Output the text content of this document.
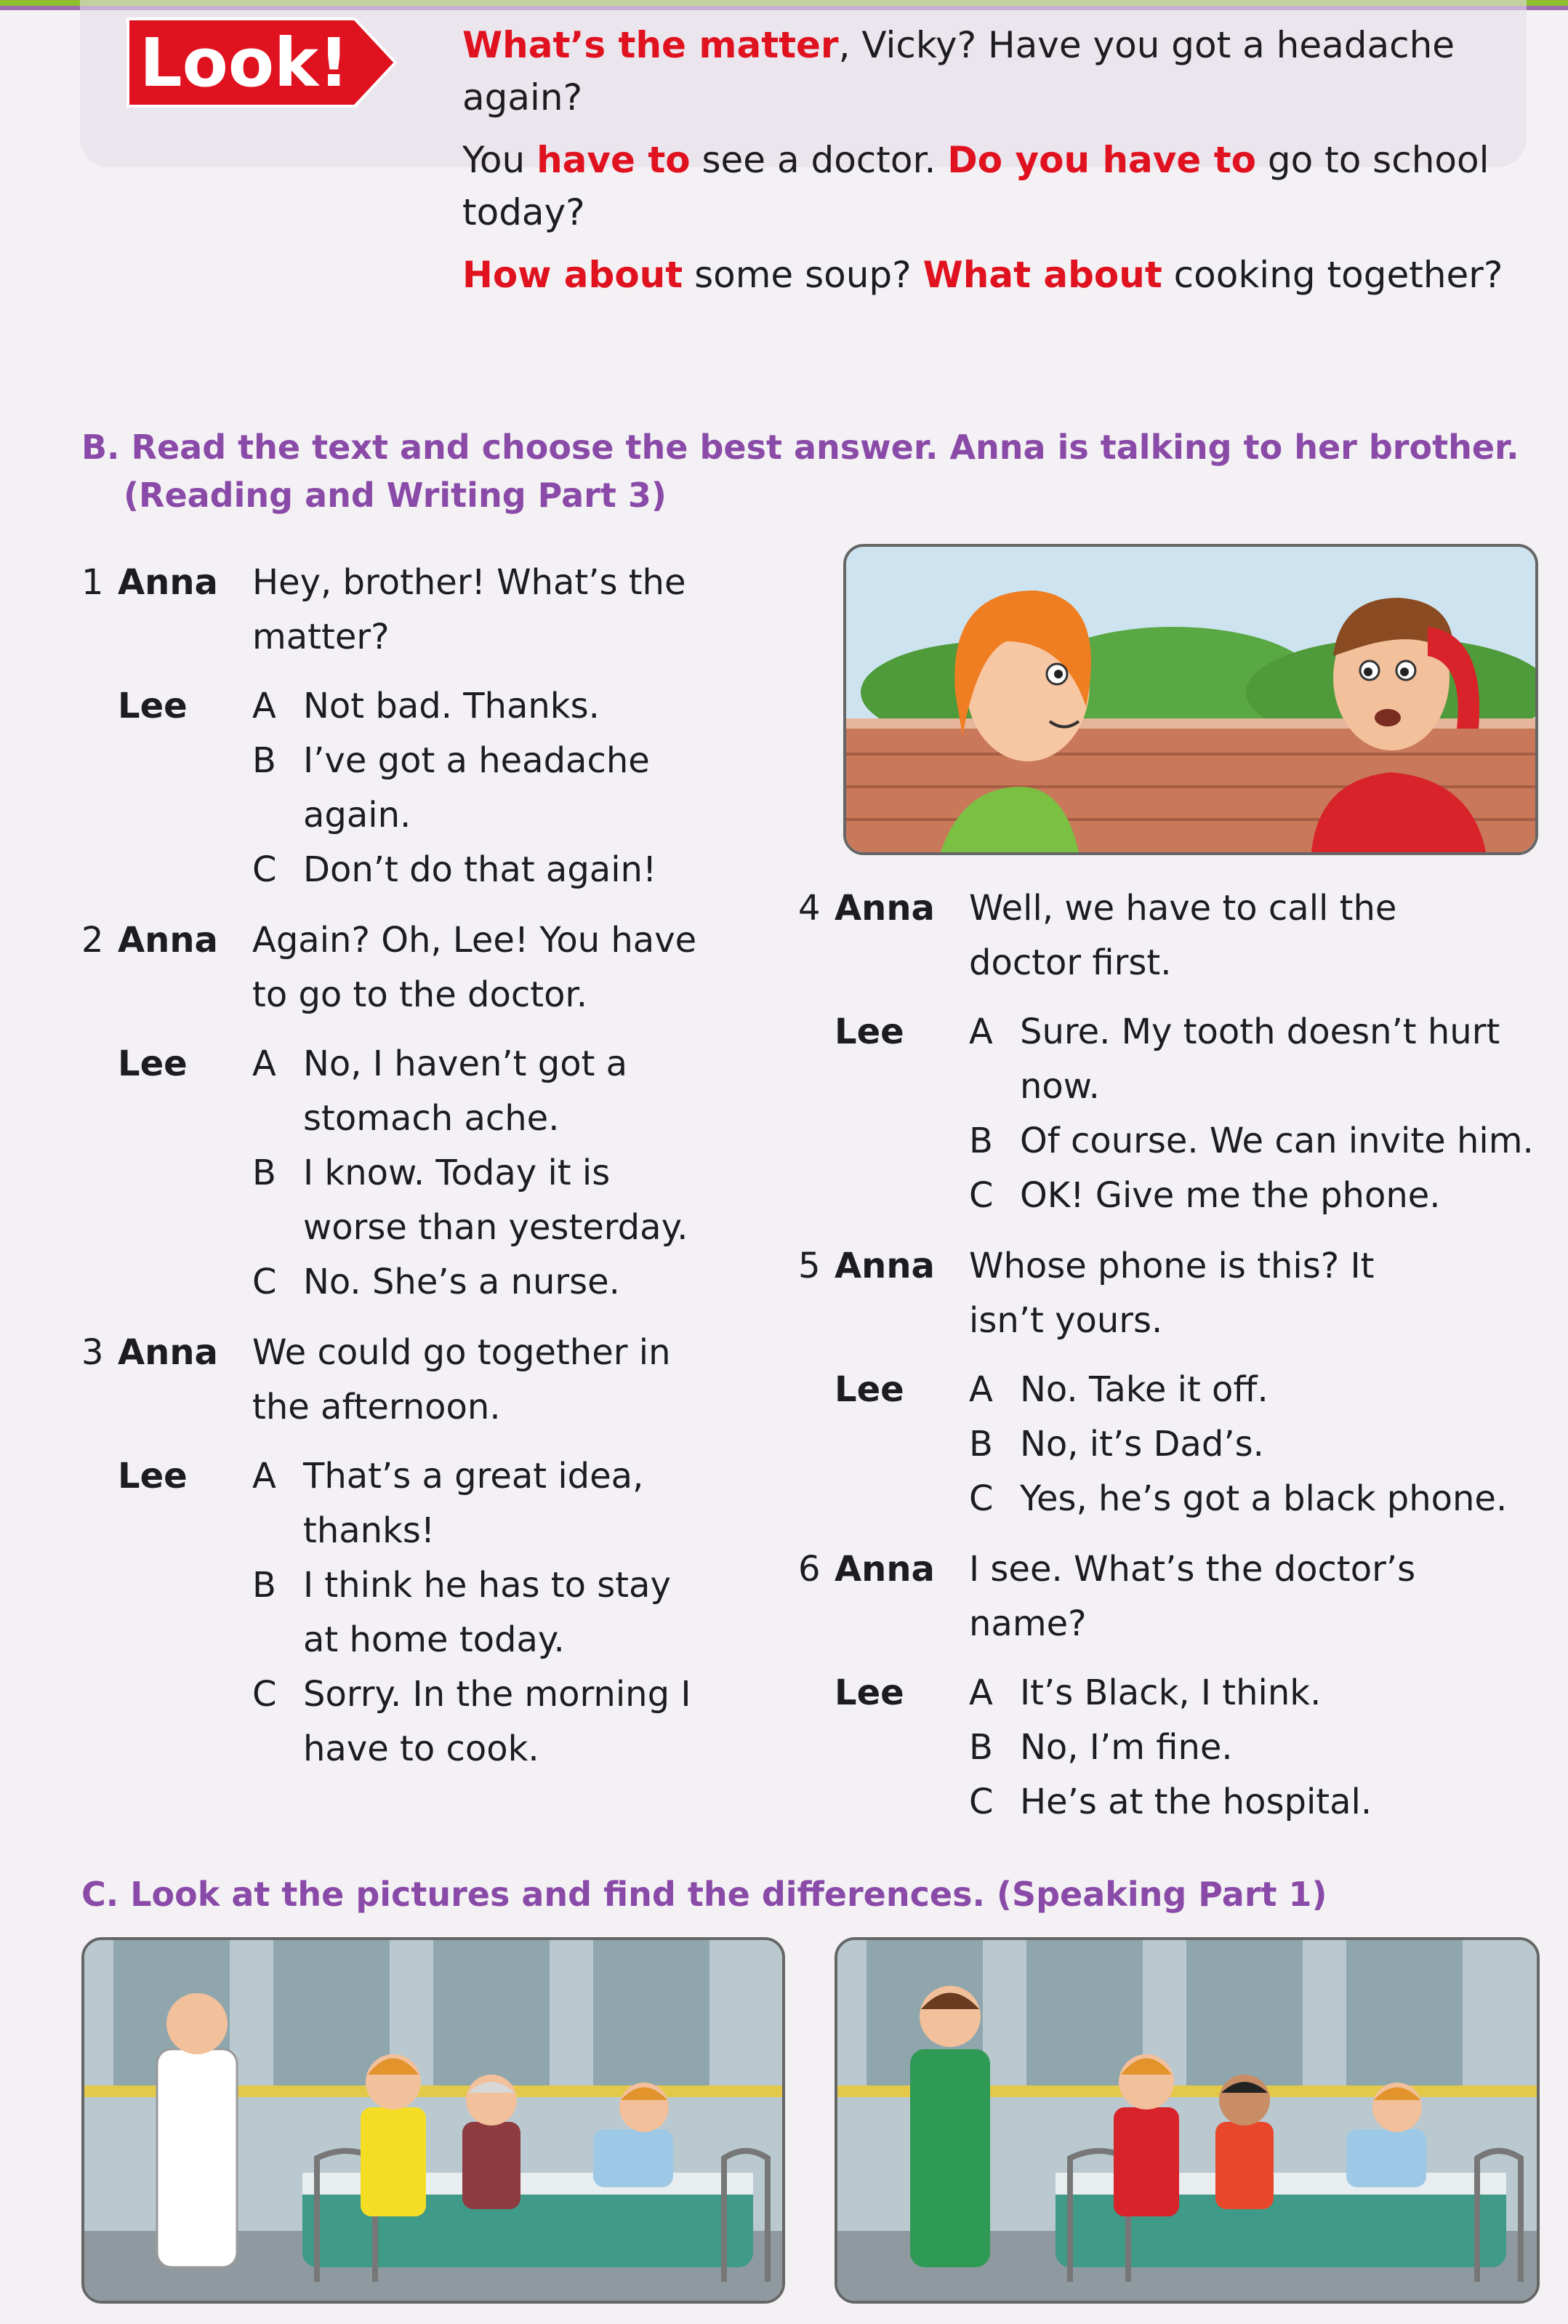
Look!	What’s the matter, Vicky? Have you got a headache again?

You have to see a doctor. Do you have to go to school today?

How about some soup? What about cooking together?

B. Read the text and choose the best answer. Anna is talking to her brother.
(Reading and Writing Part 3)
1 Anna Hey, brother! What’s the matter?
Lee	A Not bad. Thanks.
B I’ve got a headache again.
C Don’t do that again!
2 Anna Again? Oh, Lee! You have to go to the doctor.
Lee	A No, I haven’t got a stomach ache.
B I know. Today it is worse than yesterday.
C No. She’s a nurse.
3 Anna We could go together in the afternoon.
Lee	A That’s a great idea, thanks!
B I think he has to stay at home today.
C Sorry. In the morning I have to cook.
4 Anna Well, we have to call the doctor first.
Lee	A Sure. My tooth doesn’t hurt now.
B Of course. We can invite him.
C OK! Give me the phone.
5 Anna Whose phone is this? It isn’t yours.
Lee	A No. Take it off.
B No, it’s Dad’s.
C Yes, he’s got a black phone.
6 Anna I see. What’s the doctor’s name?
Lee	A It’s Black, I think.
B No, I’m fine.
C He’s at the hospital.
C. Look at the pictures and find the differences. (Speaking Part 1)
